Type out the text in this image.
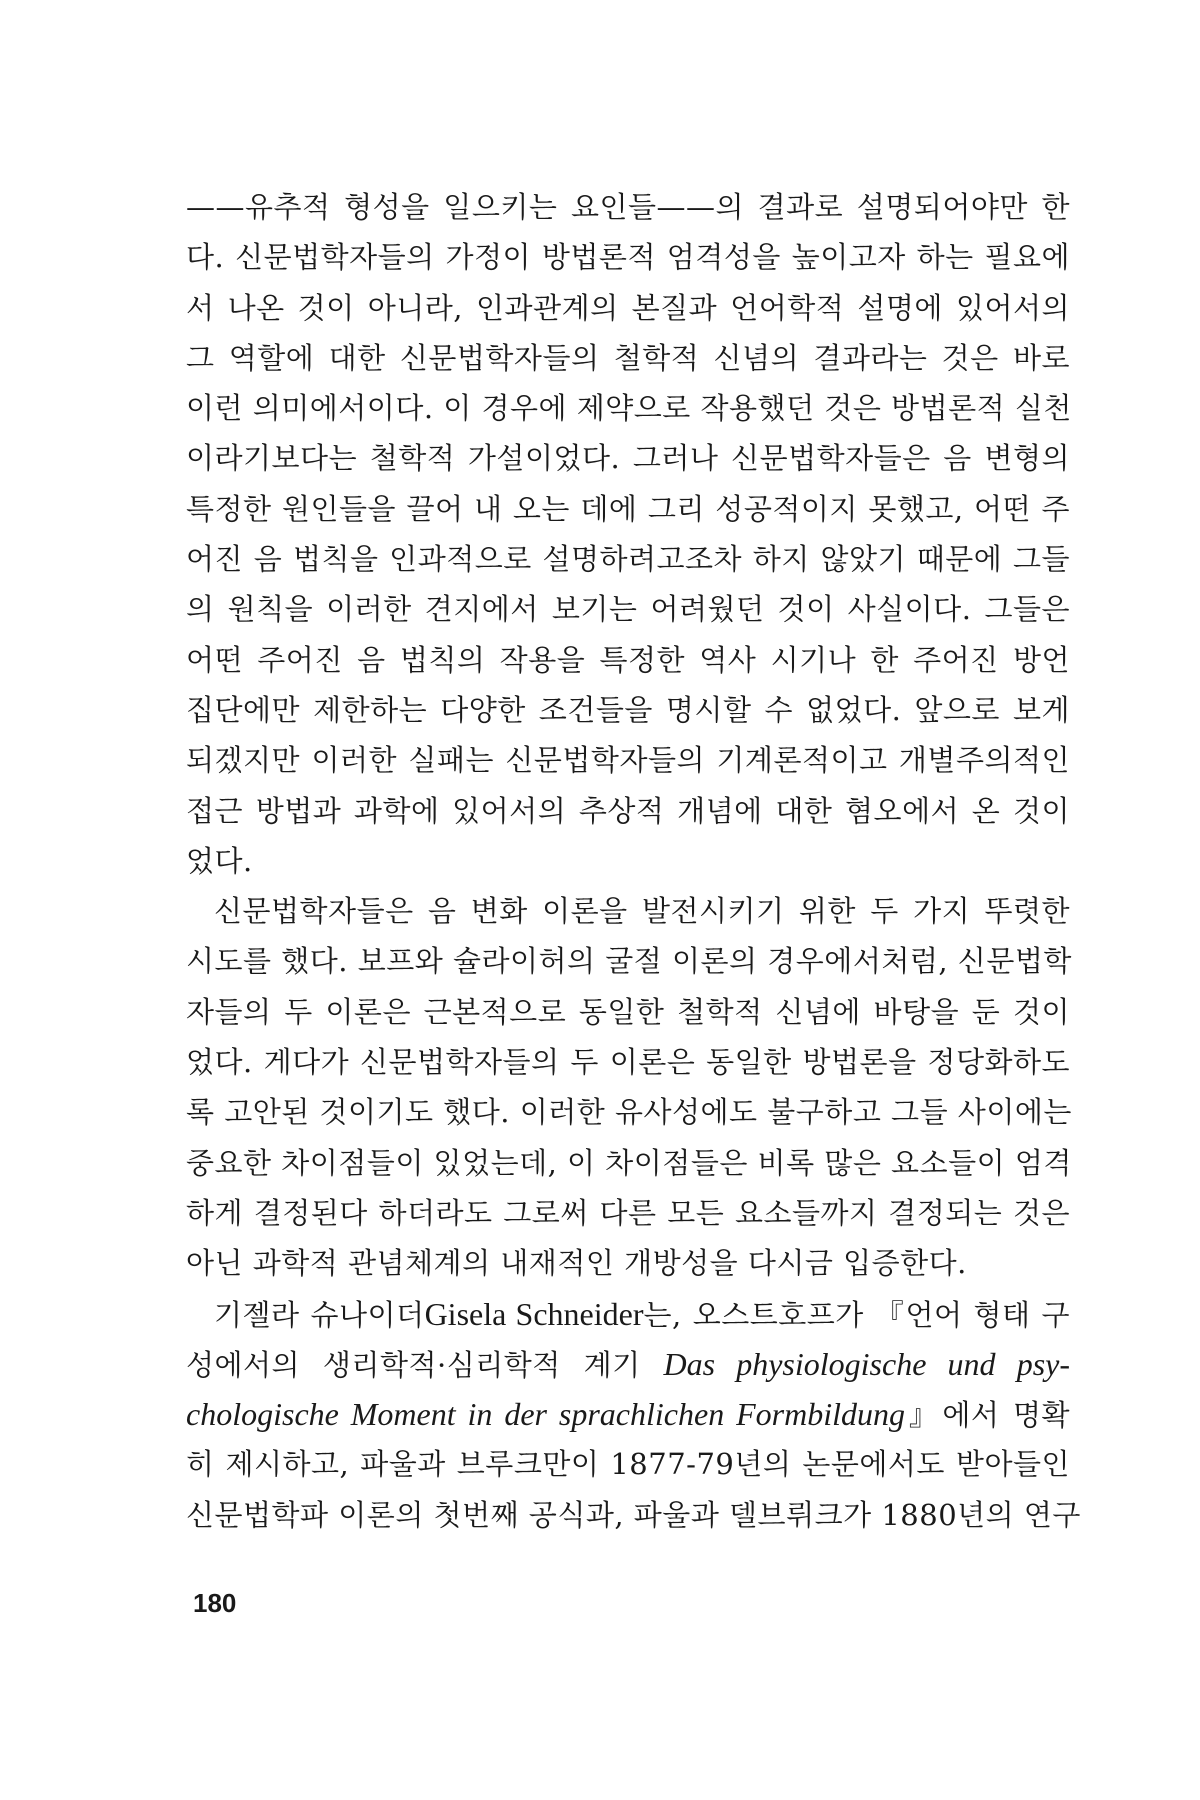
——유추적 형성을 일으키는 요인들——의 결과로 설명되어야만 한
다. 신문법학자들의 가정이 방법론적 엄격성을 높이고자 하는 필요에
서 나온 것이 아니라, 인과관계의 본질과 언어학적 설명에 있어서의
그 역할에 대한 신문법학자들의 철학적 신념의 결과라는 것은 바로
이런 의미에서이다. 이 경우에 제약으로 작용했던 것은 방법론적 실천
이라기보다는 철학적 가설이었다. 그러나 신문법학자들은 음 변형의
특정한 원인들을 끌어 내 오는 데에 그리 성공적이지 못했고, 어떤 주
어진 음 법칙을 인과적으로 설명하려고조차 하지 않았기 때문에 그들
의 원칙을 이러한 견지에서 보기는 어려웠던 것이 사실이다. 그들은
어떤 주어진 음 법칙의 작용을 특정한 역사 시기나 한 주어진 방언
집단에만 제한하는 다양한 조건들을 명시할 수 없었다. 앞으로 보게
되겠지만 이러한 실패는 신문법학자들의 기계론적이고 개별주의적인
접근 방법과 과학에 있어서의 추상적 개념에 대한 혐오에서 온 것이
었다.
신문법학자들은 음 변화 이론을 발전시키기 위한 두 가지 뚜렷한
시도를 했다. 보프와 슐라이허의 굴절 이론의 경우에서처럼, 신문법학
자들의 두 이론은 근본적으로 동일한 철학적 신념에 바탕을 둔 것이
었다. 게다가 신문법학자들의 두 이론은 동일한 방법론을 정당화하도
록 고안된 것이기도 했다. 이러한 유사성에도 불구하고 그들 사이에는
중요한 차이점들이 있었는데, 이 차이점들은 비록 많은 요소들이 엄격
하게 결정된다 하더라도 그로써 다른 모든 요소들까지 결정되는 것은
아닌 과학적 관념체계의 내재적인 개방성을 다시금 입증한다.
기젤라 슈나이더Gisela Schneider는, 오스트호프가 『언어 형태 구
성에서의 생리학적·심리학적 계기 Das physiologische und psy-
chologische Moment in der sprachlichen Formbildung』에서 명확
히 제시하고, 파울과 브루크만이 1877-79년의 논문에서도 받아들인
신문법학파 이론의 첫번째 공식과, 파울과 델브뤼크가 1880년의 연구
180
